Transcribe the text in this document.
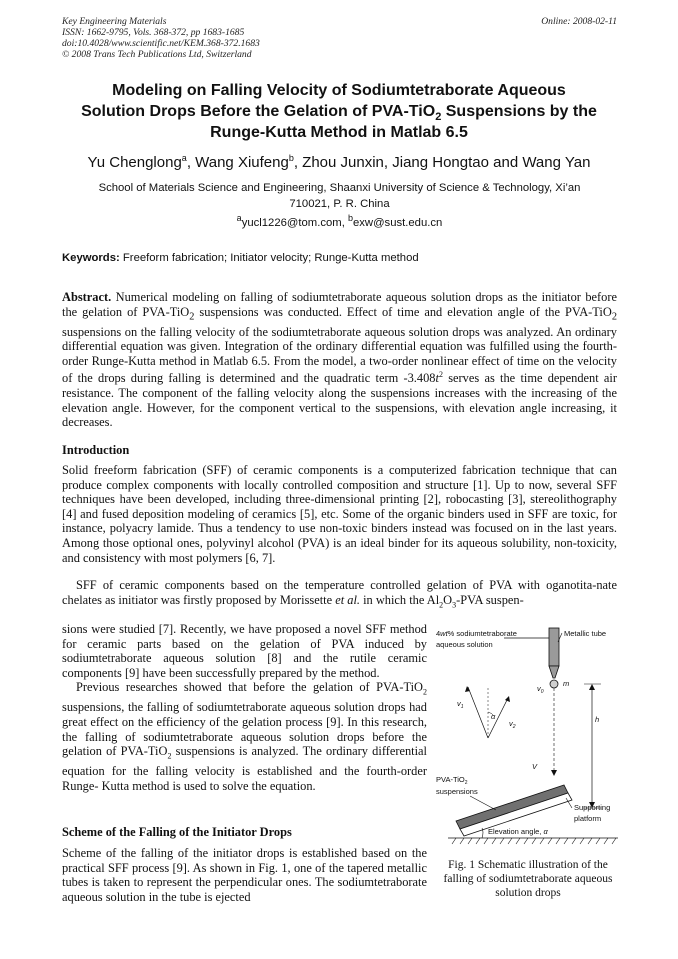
Key Engineering Materials
ISSN: 1662-9795, Vols. 368-372, pp 1683-1685
doi:10.4028/www.scientific.net/KEM.368-372.1683
© 2008 Trans Tech Publications Ltd, Switzerland
Online: 2008-02-11
Modeling on Falling Velocity of Sodiumtetraborate Aqueous
Solution Drops Before the Gelation of PVA-TiO$_2$ Suspensions by the
Runge-Kutta Method in Matlab 6.5
Yu Chenglong$^a$, Wang Xiufeng$^b$, Zhou Junxin, Jiang Hongtao and Wang Yan
School of Materials Science and Engineering, Shaanxi University of Science & Technology, Xi’an
710021, P. R. China
$^a$yucl1226@tom.com, $^b$exw@sust.edu.cn
Keywords: Freeform fabrication; Initiator velocity; Runge-Kutta method
Abstract. Numerical modeling on falling of sodiumtetraborate aqueous solution drops as the initiator before the gelation of PVA-TiO$_2$ suspensions was conducted. Effect of time and elevation angle of the PVA-TiO$_2$ suspensions on the falling velocity of the sodiumtetraborate aqueous solution drops was analyzed. An ordinary differential equation was given. Integration of the ordinary differential equation was fulfilled using the fourth-order Runge-Kutta method in Matlab 6.5. From the model, a two-order nonlinear effect of time on the velocity of the drops during falling is determined and the quadratic term $-3.408t^2$ serves as the time dependent air resistance. The component of the falling velocity along the suspensions increases with the increasing of the elevation angle. However, for the component vertical to the suspensions, with elevation angle increasing, it decreases.
Introduction
Solid freeform fabrication (SFF) of ceramic components is a computerized fabrication technique that can produce complex components with locally controlled composition and structure [1]. Up to now, several SFF techniques have been developed, including three-dimensional printing [2], robocasting [3], stereolithography [4] and fused deposition modeling of ceramics [5], etc. Some of the organic binders used in SFF are toxic, for instance, polyacry lamide. Thus a tendency to use non-toxic binders instead was focused on in the last years. Among those optional ones, polyvinyl alcohol (PVA) is an ideal binder for its aqueous solubility, non-toxicity, and consistency with most polymers [6, 7].
SFF of ceramic components based on the temperature controlled gelation of PVA with oganotita-nate chelates as initiator was firstly proposed by Morissette et al. in which the $Al_2O_3$-PVA suspen-

sions were studied [7]. Recently, we have proposed a novel SFF method for ceramic parts based on the gelation of PVA induced by sodiumtetraborate aqueous solution [8] and the rutile ceramic components [9] have been successfully prepared by the method.

Previous researches showed that before the gelation of PVA-TiO$_2$ suspensions, the falling of sodiumtetraborate aqueous solution drops had great effect on the efficiency of the gelation process [9]. In this research, the falling of sodiumtetraborate aqueous solution drops before the gelation of PVA-TiO$_2$ suspensions is analyzed. The ordinary differential equation for the falling velocity is established and the fourth-order Runge- Kutta method is used to solve the equation.

Scheme of the Falling of the Initiator Drops
Scheme of the falling of the initiator drops is established based on the practical SFF process [9]. As shown in Fig. 1, one of the tapered metallic tubes is taken to represent the perpendicular ones. The sodiumtetraborate aqueous solution in the tube is ejected
4wt% sodiumtetraborate
aqueous solution
Metallic tube
$v_0$
m
h
$v_1$
$v_2$
α
V
PVA-TiO$_2$
suspensions
Supporting
platform
Elevation angle, α
Fig. 1 Schematic illustration of the falling of sodiumtetraborate aqueous solution drops
